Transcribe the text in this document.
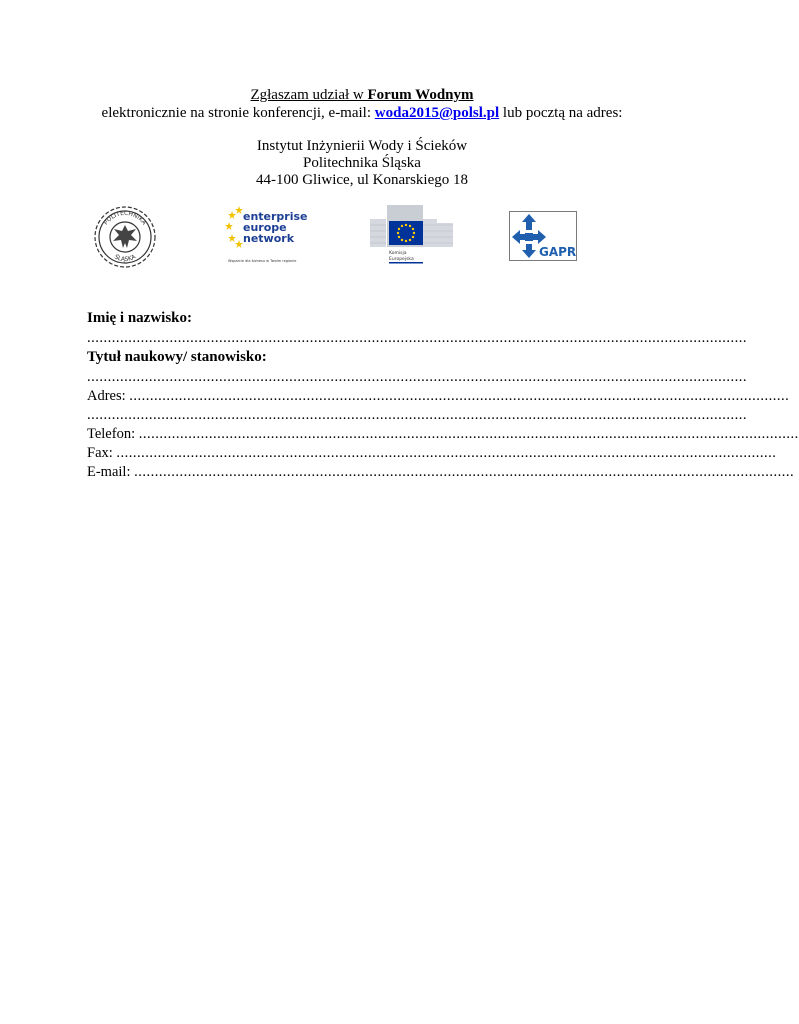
Zgłaszam udział w Forum Wodnym
elektronicznie na stronie konferencji, e-mail: woda2015@polsl.pl lub pocztą na adres:
Instytut Inżynierii Wody i Ścieków
Politechnika Śląska
44-100 Gliwice, ul Konarskiego 18
POLITECHNIKA
ŚLĄSKA
enterprise
europe
network
Wsparcie dla biznesu w Twoim regionie
Komisja
Europejska
GAPR
Imię i nazwisko:
................................................................................................................................................................
Tytuł naukowy/ stanowisko:
................................................................................................................................................................
Adres: ................................................................................................................................................................
................................................................................................................................................................
Telefon: ................................................................................................................................................................
Fax: ................................................................................................................................................................
E-mail: ................................................................................................................................................................
